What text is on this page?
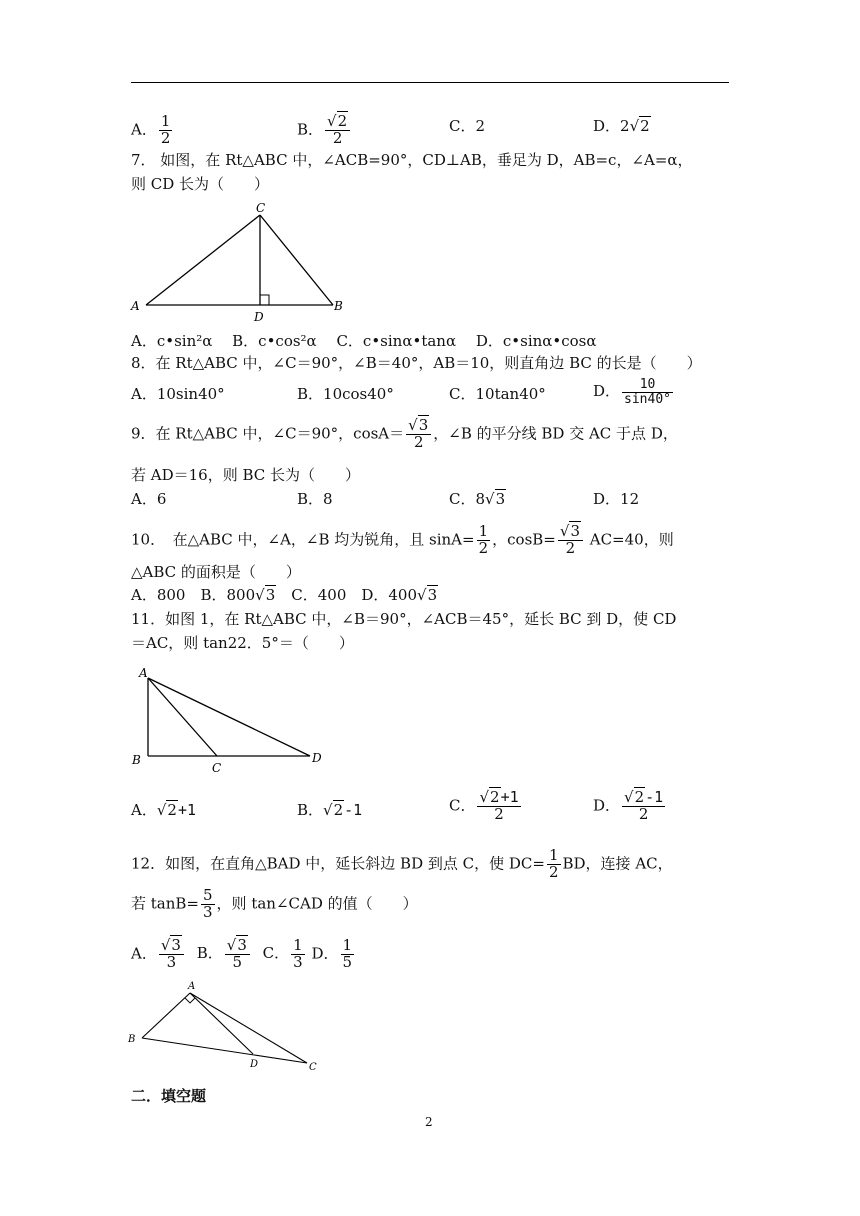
A． $\frac{1}{2}$	B． $\frac{√2}{2}$	C．2	D．2√2
7． 如图，在 Rt△ABC 中，∠ACB=90°，CD⊥AB，垂足为 D，AB=c，∠A=α，
则 CD 长为（　　）
C
A	B
D
A．c•sin²α　 B．c•cos²α　 C．c•sinα•tanα　 D．c•sinα•cosα
8．在 Rt△ABC 中，∠C＝90°，∠B＝40°，AB＝10，则直角边 BC 的长是（　　）
A．10sin40°	B．10cos40°	C．10tan40°	D． $\frac{10}{\sin 40^\circ}$
9．在 Rt△ABC 中，∠C＝90°，$\cos A= \frac{√3}{2}$ ，∠B 的平分线 BD 交 AC 于点 D，
若 AD＝16，则 BC 长为（　　）
A．6	B．8	C．8√3	D．12
10．　在△ABC 中，∠A，∠B 均为锐角，且 $\sin A= \frac{1}{2}$ ，$\cos B= \frac{√3}{2} AC=40$，则
△ABC 的面积是（　　）
A．800　B．800√3　 C．400　D．400√3
11．如图 1，在 Rt△ABC 中，∠B＝90°，∠ACB＝45°，延长 BC 到 D，使 CD
＝AC，则 tan22．5°＝（　　）
A
B
C
D
A．√2+1	B．√2-1	C． $\frac{√2+1}{2}$	D． $\frac{√2-1}{2}$
12．如图，在直角△BAD 中，延长斜边 BD 到点 C，使 $DC= \frac{1}{2}$ BD，连接 AC，
若 $\tan B= \frac{5}{3}$ ，则 tan∠CAD 的值（　　）
A． $\frac{√3}{3}$ B． $\frac{√3}{5}$ C． $\frac{1}{3}$ D． $\frac{1}{5}$
A
B
D	C
二．填空题
2
